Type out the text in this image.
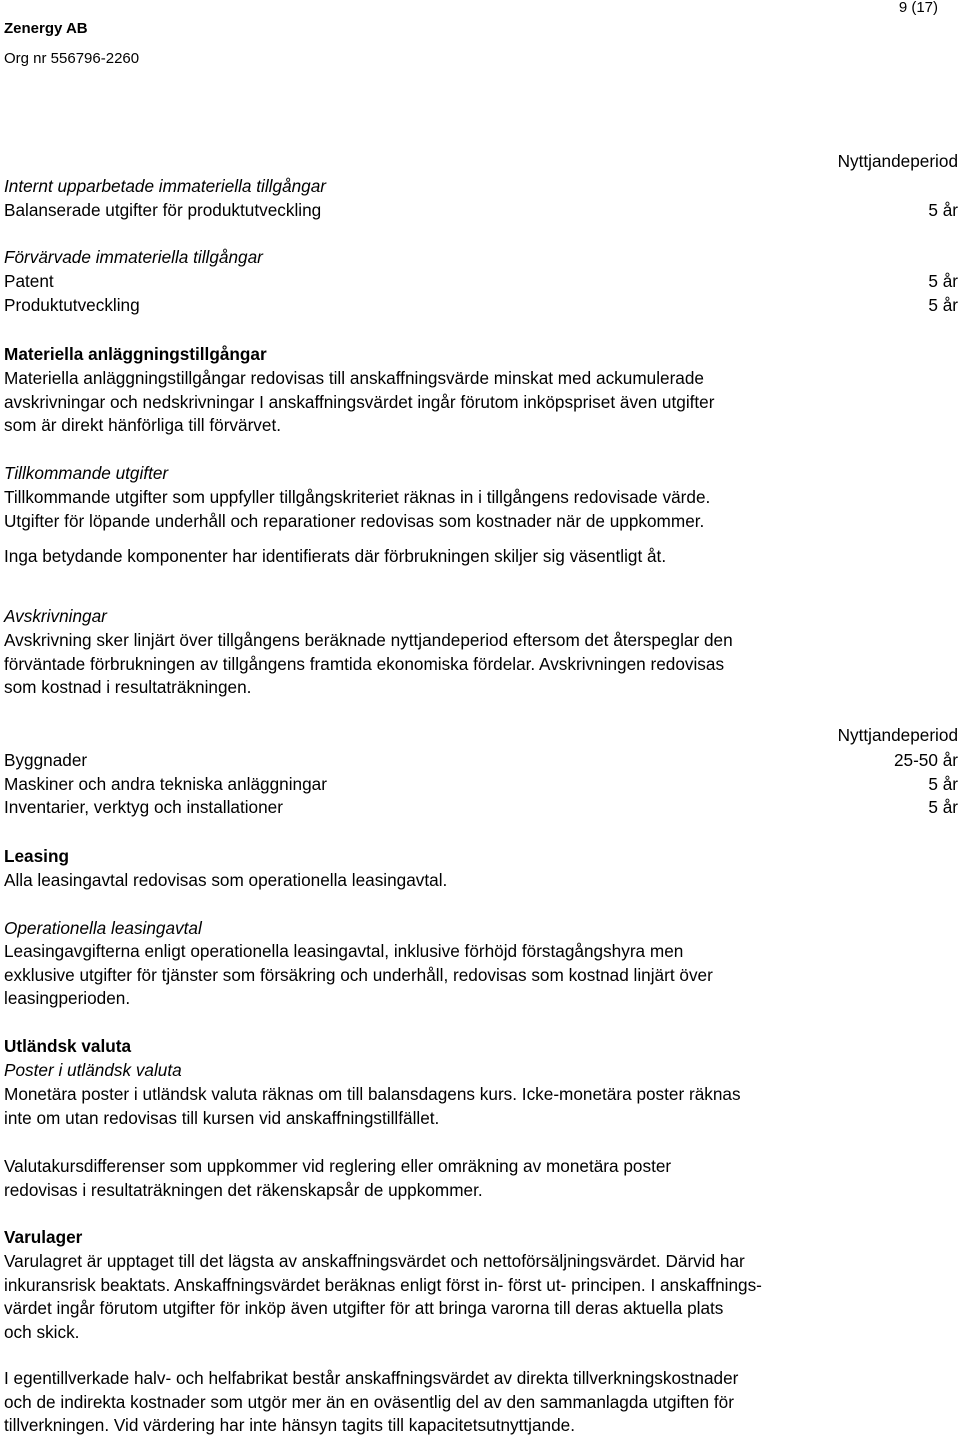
Zenergy AB
Org nr 556796-2260
9 (17)
Nyttjandeperiod
Internt upparbetade immateriella tillgångar
Balanserade utgifter för produktutveckling	5 år
Förvärvade immateriella tillgångar
Patent	5 år
Produktutveckling	5 år
Materiella anläggningstillgångar
Materiella anläggningstillgångar redovisas till anskaffningsvärde minskat med ackumulerade
avskrivningar och nedskrivningar I anskaffningsvärdet ingår förutom inköpspriset även utgifter
som är direkt hänförliga till förvärvet.
Tillkommande utgifter
Tillkommande utgifter som uppfyller tillgångskriteriet räknas in i tillgångens redovisade värde.
Utgifter för löpande underhåll och reparationer redovisas som kostnader när de uppkommer.
Inga betydande komponenter har identifierats där förbrukningen skiljer sig väsentligt åt.
Avskrivningar
Avskrivning sker linjärt över tillgångens beräknade nyttjandeperiod eftersom det återspeglar den
förväntade förbrukningen av tillgångens framtida ekonomiska fördelar. Avskrivningen redovisas
som kostnad i resultaträkningen.
Nyttjandeperiod
Byggnader	25-50 år
Maskiner och andra tekniska anläggningar	5 år
Inventarier, verktyg och installationer	5 år
Leasing
Alla leasingavtal redovisas som operationella leasingavtal.
Operationella leasingavtal
Leasingavgifterna enligt operationella leasingavtal, inklusive förhöjd förstagångshyra men
exklusive utgifter för tjänster som försäkring och underhåll, redovisas som kostnad linjärt över
leasingperioden.
Utländsk valuta
Poster i utländsk valuta
Monetära poster i utländsk valuta räknas om till balansdagens kurs. Icke-monetära poster räknas
inte om utan redovisas till kursen vid anskaffningstillfället.
Valutakursdifferenser som uppkommer vid reglering eller omräkning av monetära poster
redovisas i resultaträkningen det räkenskapsår de uppkommer.
Varulager
Varulagret är upptaget till det lägsta av anskaffningsvärdet och nettoförsäljningsvärdet. Därvid har
inkuransrisk beaktats. Anskaffningsvärdet beräknas enligt först in- först ut- principen. I anskaffnings-
värdet ingår förutom utgifter för inköp även utgifter för att bringa varorna till deras aktuella plats
och skick.
I egentillverkade halv- och helfabrikat består anskaffningsvärdet av direkta tillverkningskostnader
och de indirekta kostnader som utgör mer än en oväsentlig del av den sammanlagda utgiften för
tillverkningen. Vid värdering har inte hänsyn tagits till kapacitetsutnyttjande.
